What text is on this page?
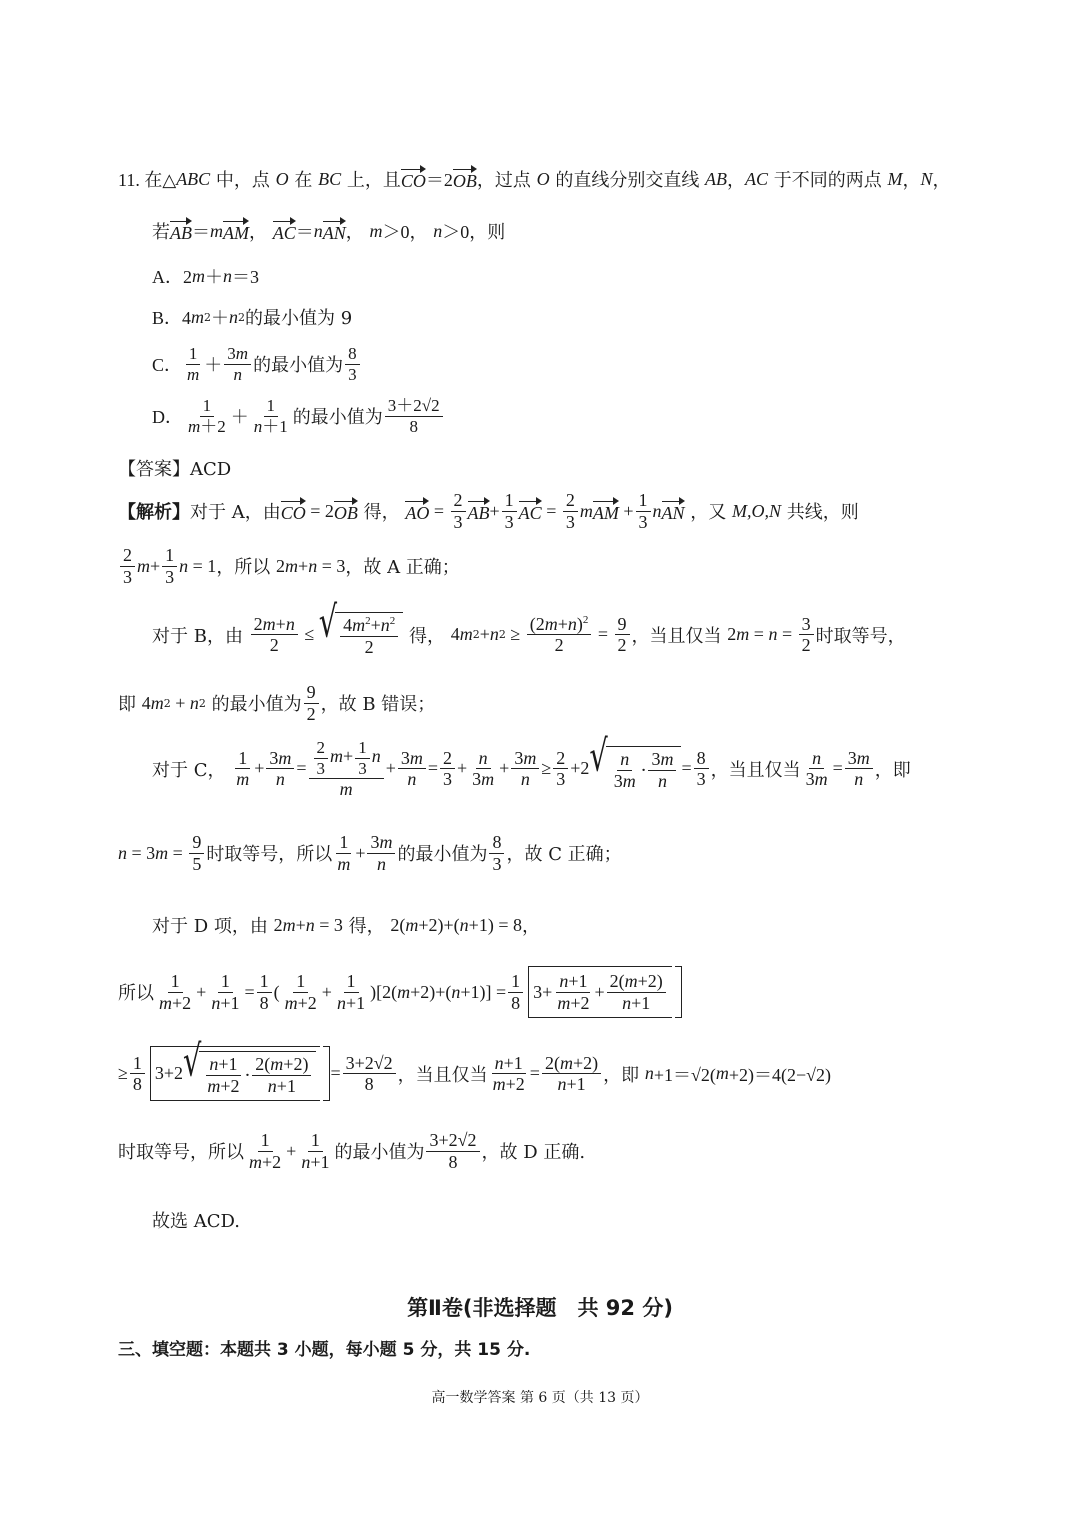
11. 在△ ABC 中，点 O 在 BC 上，且 CO ＝2 OB ，过点 O 的直线分别交直线 AB ， AC 于不同的两点 M ， N ，
若 AB ＝ m AM ， AC ＝ n AN ， m ＞0 ， n ＞0 ，则
A．2 m ＋ n ＝3
B．4 m 2 ＋ n 2 的最小值为 9
C． $\frac{1}{m} + \frac{3m}{n}$ 的最小值为 $\frac{8}{3}$
D． $\frac{1}{m+2} + \frac{1}{n+1}$ 的最小值为 $\frac{3+2√2}{8}$
【答案】ACD
【解析】 对于 A，由 CO = 2 OB 得， AO = $\frac{2}{3}$ AB + $\frac{1}{3}$ AC = $\frac{2}{3}$ m AM + $\frac{1}{3}$ n AN ，又 M,O,N 共线，则
$\frac{2}{3}$ $m + \frac{1}{3}$ n = 1 ，所以 2 m + n = 3 ，故 A 正确；
对于 B，由 $\frac{2m+n}{2}$ ≤ √ $\frac{4m^2+n^2}{2}$ 得， 4 m 2 + n $2 \ge \frac{(2m+n)^2}{2} = \frac{9}{2}$ ，当且仅当 2 $m = n = \frac{3}{2}$ 时取等号，
即 4 m 2 + n 2 的最小值为 $\frac{9}{2}$ ，故 B 错误；
对于 C， $\frac{1}{m} + \frac{3m}{n} = \frac{\frac{2}{3} m+ \frac{1}{3} n}{m} + \frac{3m}{n} = \frac{2}{3} + \frac{n}{3m} + \frac{3m}{n} \ge \frac{2}{3} +2$ √ $\frac{n}{3m} \cdot \frac{3m}{n} = \frac{8}{3}$ ，当且仅当 $\frac{n}{3m} = \frac{3m}{n}$ ，即
n = 3 $m = \frac{9}{5}$ 时取等号，所以 $\frac{1}{m} + \frac{3m}{n}$ 的最小值为 $\frac{8}{3}$ ，故 C 正确；
对于 D 项，由 2 m + n = 3 得， 2( m +2)+( n +1) = 8 ，
所以 $\frac{1}{m+2} + \frac{1}{n+1} = \frac{1}{8}$ ( $\frac{1}{m+2} + \frac{1}{n+1} )[2$( m +2)+( $n +1)] = \frac{1}{8} 3+ \frac{n+1}{m+2} + \frac{2(m+2)}{n+1}$
≥ $\frac{1}{8} 3+2$ √ $\frac{n+1}{m+2} \cdot \frac{2(m+2)}{n+1} = \frac{3+2√2}{8}$ ，当且仅当 $\frac{n+1}{m+2} = \frac{2(m+2)}{n+1}$ ，即 n +1＝√2( m +2)＝4(2−√2)
时取等号，所以 $\frac{1}{m+2} + \frac{1}{n+1}$ 的最小值为 $\frac{3+2√2}{8}$ ，故 D 正确.
故选 ACD.
第Ⅱ卷(非选择题　共 92 分)
三、填空题：本题共 3 小题，每小题 5 分，共 15 分.
高一数学答案 第 6 页（共 13 页）
